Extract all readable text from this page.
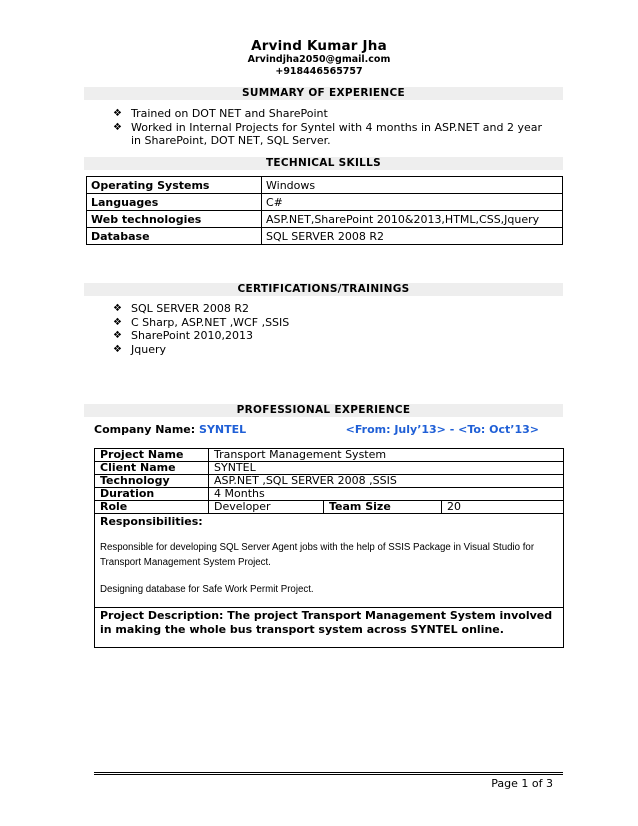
Arvind Kumar Jha
Arvindjha2050@gmail.com
+918446565757
SUMMARY OF EXPERIENCE
❖ Trained on DOT NET and SharePoint
❖ Worked in Internal Projects for Syntel with 4 months in ASP.NET and 2 year in SharePoint, DOT NET, SQL Server.
TECHNICAL SKILLS
Operating Systems	Windows
Languages	C#
Web technologies	ASP.NET,SharePoint 2010&2013,HTML,CSS,Jquery
Database	SQL SERVER 2008 R2
CERTIFICATIONS/TRAININGS
❖ SQL SERVER 2008 R2
❖ C Sharp, ASP.NET ,WCF ,SSIS
❖ SharePoint 2010,2013
❖ Jquery
PROFESSIONAL EXPERIENCE
Company Name: SYNTEL	<From: July’13> - <To: Oct’13>
Project Name	Transport Management System		
Client Name	SYNTEL		
Technology	ASP.NET ,SQL SERVER 2008 ,SSIS		
Duration	4 Months		
Role	Developer	Team Size	20
Responsibilities:
Responsible for developing SQL Server Agent jobs with the help of SSIS Package in Visual Studio for Transport Management System Project.
Designing database for Safe Work Permit Project.
Project Description: The project Transport Management System involved in making the whole bus transport system across SYNTEL online.
Page 1 of 3
